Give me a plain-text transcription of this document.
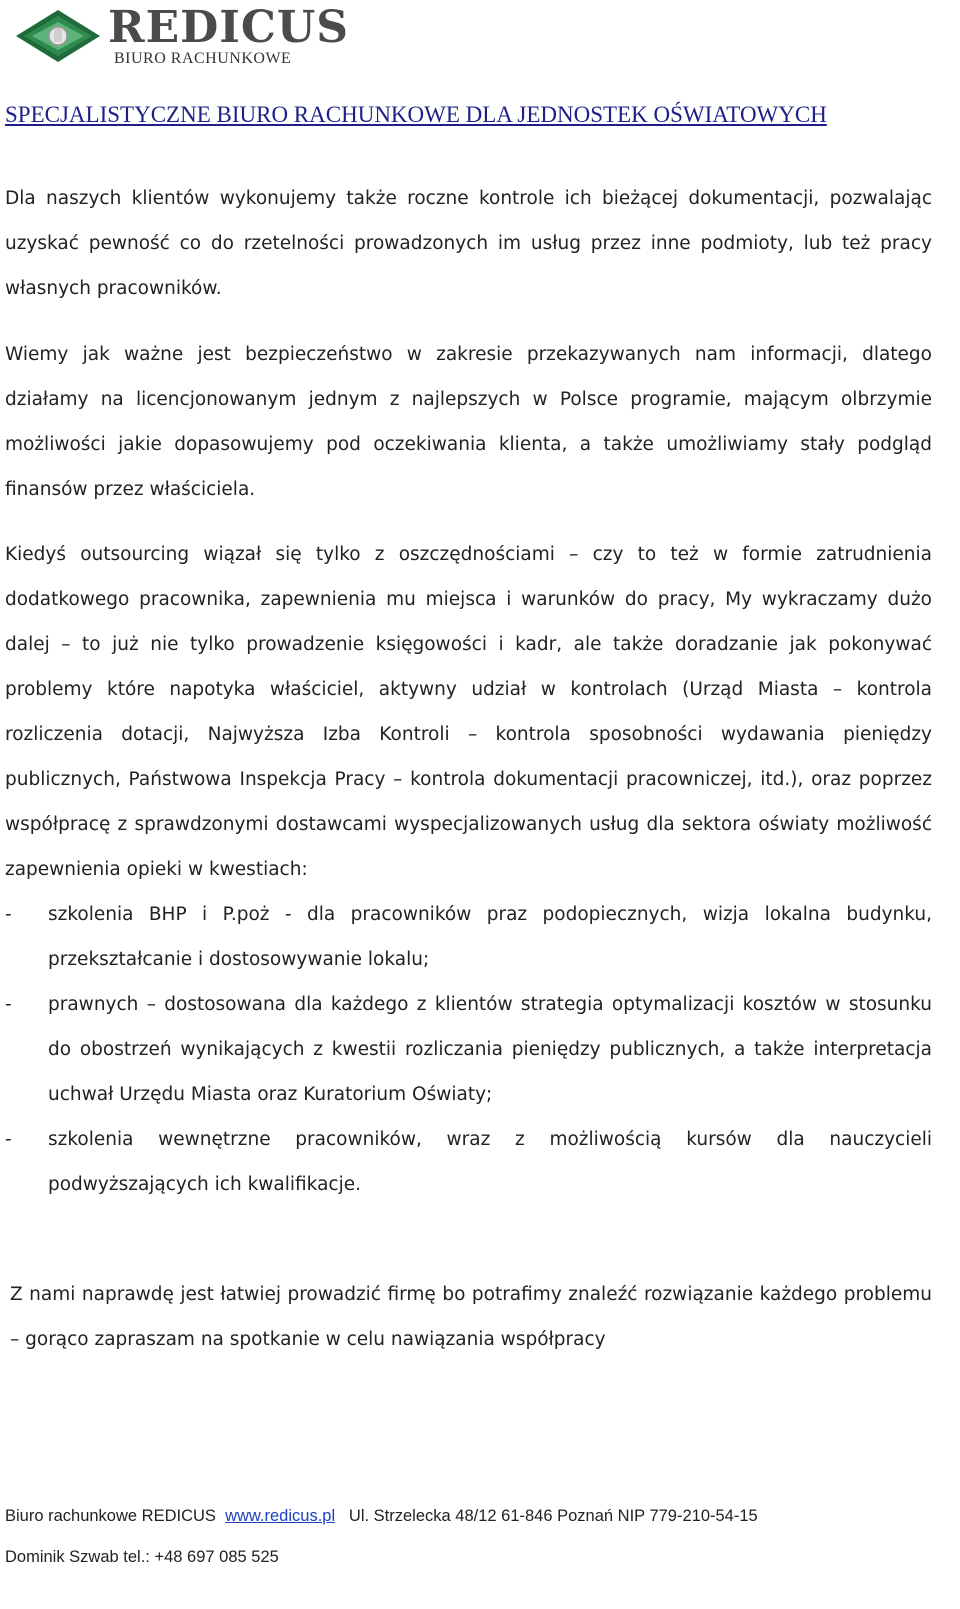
REDICUS
BIURO RACHUNKOWE
SPECJALISTYCZNE BIURO RACHUNKOWE DLA JEDNOSTEK OŚWIATOWYCH
Dla naszych klientów wykonujemy także roczne kontrole ich bieżącej dokumentacji, pozwalając uzyskać pewność co do rzetelności prowadzonych im usług przez inne podmioty, lub też pracy własnych pracowników.
Wiemy jak ważne jest bezpieczeństwo w zakresie przekazywanych nam informacji, dlatego działamy na licencjonowanym jednym z najlepszych w Polsce programie, mającym olbrzymie możliwości jakie dopasowujemy pod oczekiwania klienta, a także umożliwiamy stały podgląd finansów przez właściciela.
Kiedyś outsourcing wiązał się tylko z oszczędnościami – czy to też w formie zatrudnienia dodatkowego pracownika, zapewnienia mu miejsca i warunków do pracy, My wykraczamy dużo dalej – to już nie tylko prowadzenie księgowości i kadr, ale także doradzanie jak pokonywać problemy które napotyka właściciel, aktywny udział w kontrolach (Urząd Miasta – kontrola rozliczenia dotacji, Najwyższa Izba Kontroli – kontrola sposobności wydawania pieniędzy publicznych, Państwowa Inspekcja Pracy – kontrola dokumentacji pracowniczej, itd.), oraz poprzez współpracę z sprawdzonymi dostawcami wyspecjalizowanych usług dla sektora oświaty możliwość zapewnienia opieki w kwestiach:
‑ szkolenia BHP i P.poż - dla pracowników praz podopiecznych, wizja lokalna budynku, przekształcanie i dostosowywanie lokalu;
‑ prawnych – dostosowana dla każdego z klientów strategia optymalizacji kosztów w stosunku do obostrzeń wynikających z kwestii rozliczania pieniędzy publicznych, a także interpretacja uchwał Urzędu Miasta oraz Kuratorium Oświaty;
‑ szkolenia wewnętrzne pracowników, wraz z możliwością kursów dla nauczycieli podwyższających ich kwalifikacje.
Z nami naprawdę jest łatwiej prowadzić firmę bo potrafimy znaleźć rozwiązanie każdego problemu – gorąco zapraszam na spotkanie w celu nawiązania współpracy
Biuro rachunkowe REDICUS www.redicus.pl Ul. Strzelecka 48/12 61-846 Poznań NIP 779-210-54-15
Dominik Szwab tel.: +48 697 085 525
